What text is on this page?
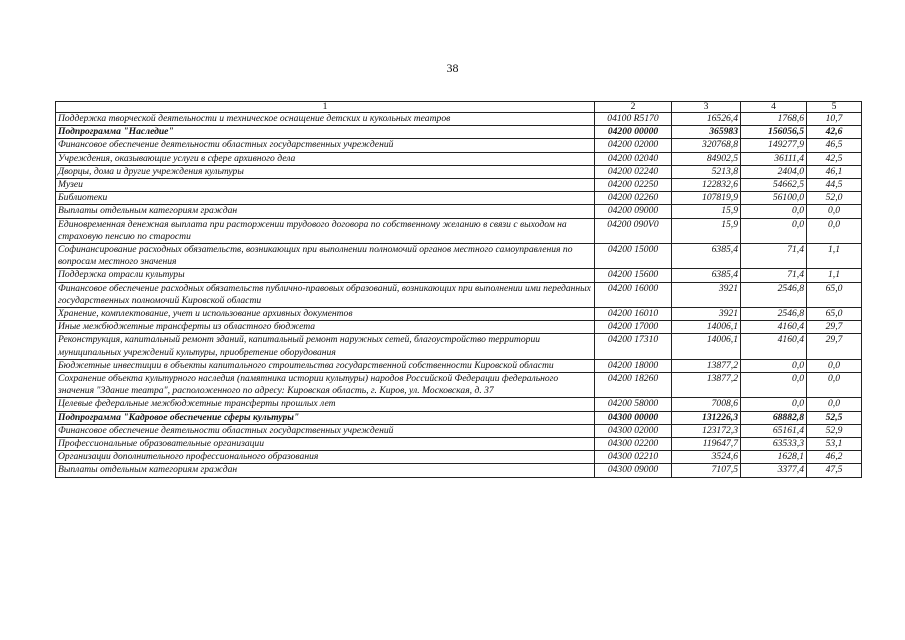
38
1	2	3	4	5
Поддержка творческой деятельности и техническое оснащение детских и кукольных театров	04100 R5170	16526,4	1768,6	10,7
Подпрограмма "Наследие"	04200 00000	365983	156056,5	42,6
Финансовое обеспечение деятельности областных государственных учреждений	04200 02000	320768,8	149277,9	46,5
Учреждения, оказывающие услуги в сфере архивного дела	04200 02040	84902,5	36111,4	42,5
Дворцы, дома и другие учреждения культуры	04200 02240	5213,8	2404,0	46,1
Музеи	04200 02250	122832,6	54662,5	44,5
Библиотеки	04200 02260	107819,9	56100,0	52,0
Выплаты отдельным категориям граждан	04200 09000	15,9	0,0	0,0
Единовременная денежная выплата при расторжении трудового договора по собственному желанию в связи с выходом на страховую пенсию по старости	04200 090V0	15,9	0,0	0,0
Софинансирование расходных обязательств, возникающих при выполнении полномочий органов местного самоуправления по вопросам местного значения	04200 15000	6385,4	71,4	1,1
Поддержка отрасли культуры	04200 15600	6385,4	71,4	1,1
Финансовое обеспечение расходных обязательств публично-правовых образований, возникающих при выполнении ими переданных государственных полномочий Кировской области	04200 16000	3921	2546,8	65,0
Хранение, комплектование, учет и использование архивных документов	04200 16010	3921	2546,8	65,0
Иные межбюджетные трансферты из областного бюджета	04200 17000	14006,1	4160,4	29,7
Реконструкция, капитальный ремонт зданий, капитальный ремонт наружных сетей, благоустройство территории муниципальных учреждений культуры, приобретение оборудования	04200 17310	14006,1	4160,4	29,7
Бюджетные инвестиции в объекты капитального строительства государственной собственности Кировской области	04200 18000	13877,2	0,0	0,0
Сохранение объекта культурного наследия (памятника истории культуры) народов Российской Федерации федерального значения "Здание театра", расположенного по адресу: Кировская область, г. Киров, ул. Московская, д. 37	04200 18260	13877,2	0,0	0,0
Целевые федеральные межбюджетные трансферты прошлых лет	04200 58000	7008,6	0,0	0,0
Подпрограмма "Кадровое обеспечение сферы культуры"	04300 00000	131226,3	68882,8	52,5
Финансовое обеспечение деятельности областных государственных учреждений	04300 02000	123172,3	65161,4	52,9
Профессиональные образовательные организации	04300 02200	119647,7	63533,3	53,1
Организации дополнительного профессионального образования	04300 02210	3524,6	1628,1	46,2
Выплаты отдельным категориям граждан	04300 09000	7107,5	3377,4	47,5
